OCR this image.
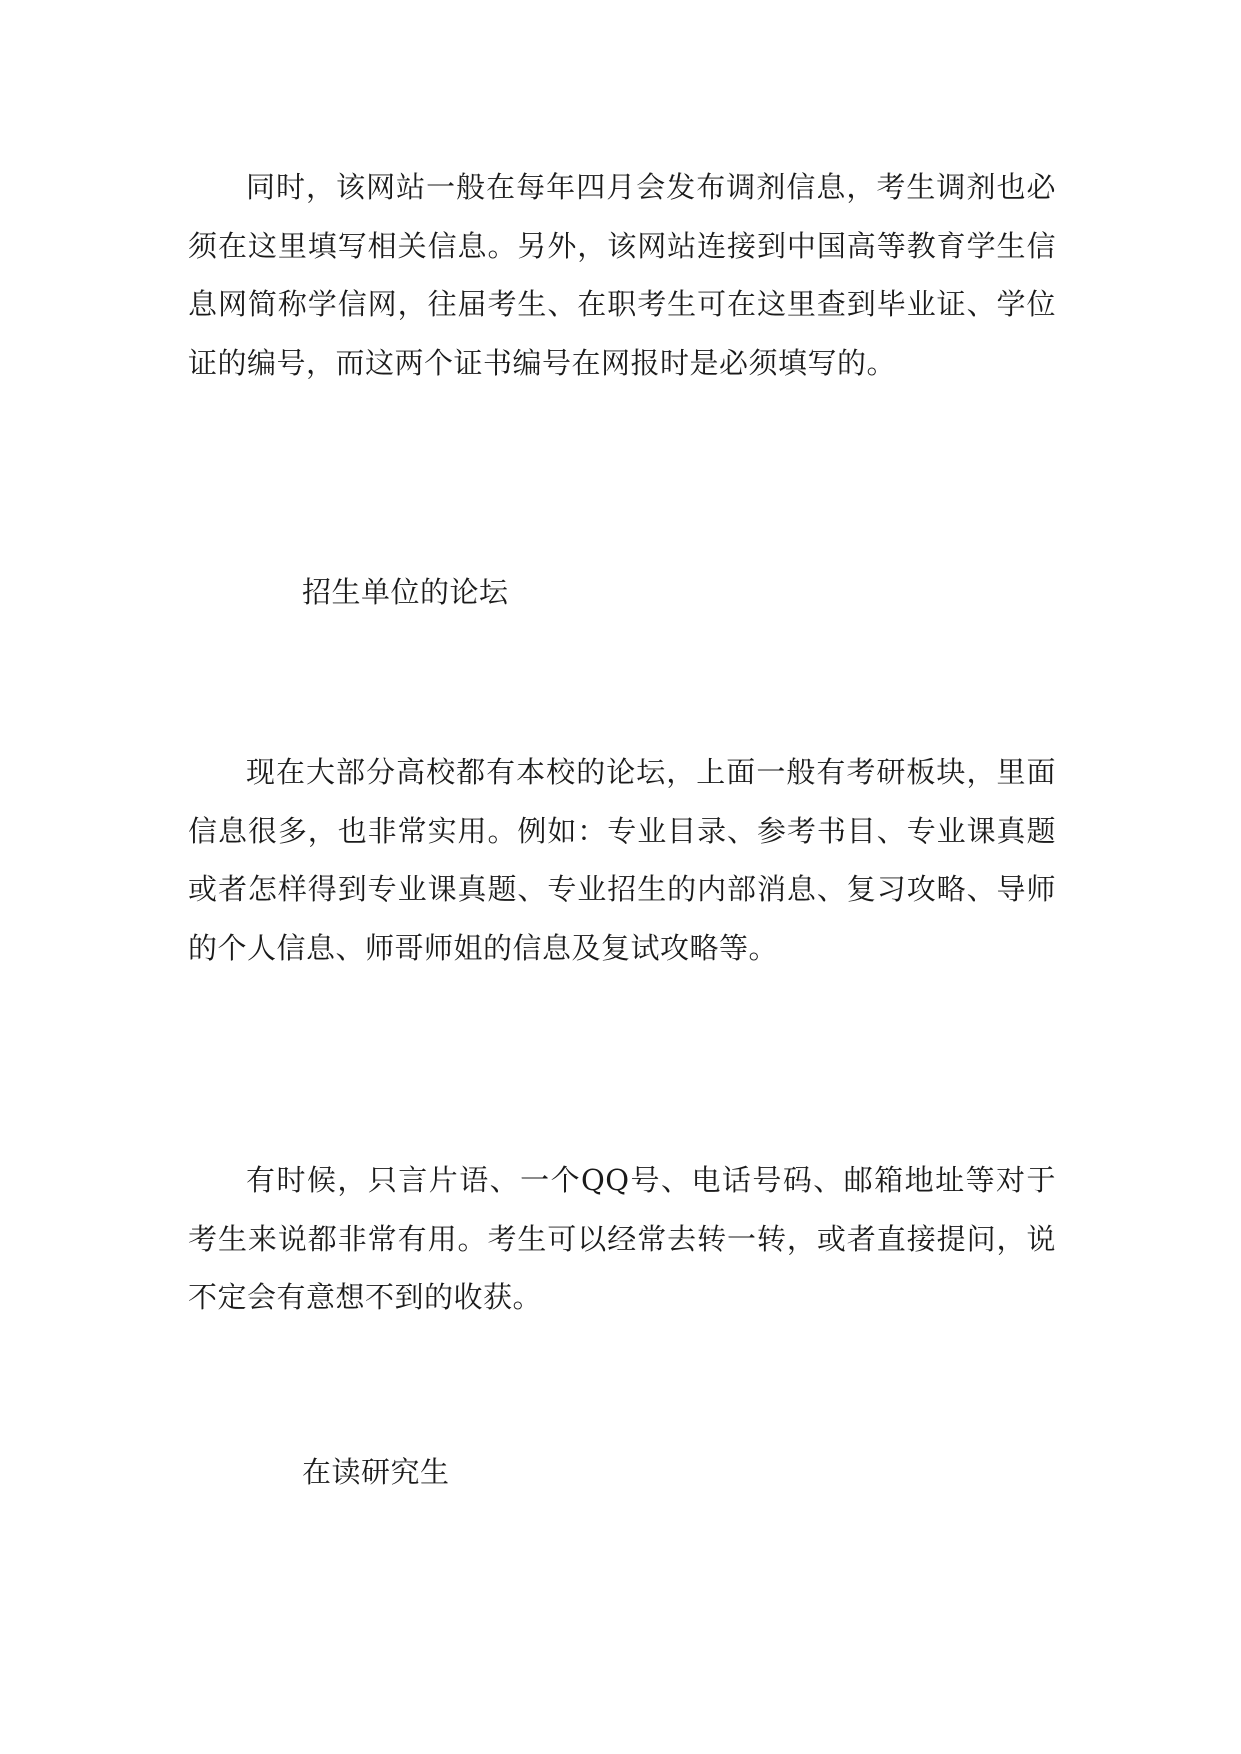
同时，该网站一般在每年四月会发布调剂信息，考生调剂也必须在这里填写相关信息。另外，该网站连接到中国高等教育学生信息网简称学信网，往届考生、在职考生可在这里查到毕业证、学位证的编号，而这两个证书编号在网报时是必须填写的。

招生单位的论坛

现在大部分高校都有本校的论坛，上面一般有考研板块，里面信息很多，也非常实用。例如：专业目录、参考书目、专业课真题或者怎样得到专业课真题、专业招生的内部消息、复习攻略、导师的个人信息、师哥师姐的信息及复试攻略等。

有时候，只言片语、一个QQ号、电话号码、邮箱地址等对于考生来说都非常有用。考生可以经常去转一转，或者直接提问，说不定会有意想不到的收获。

在读研究生
